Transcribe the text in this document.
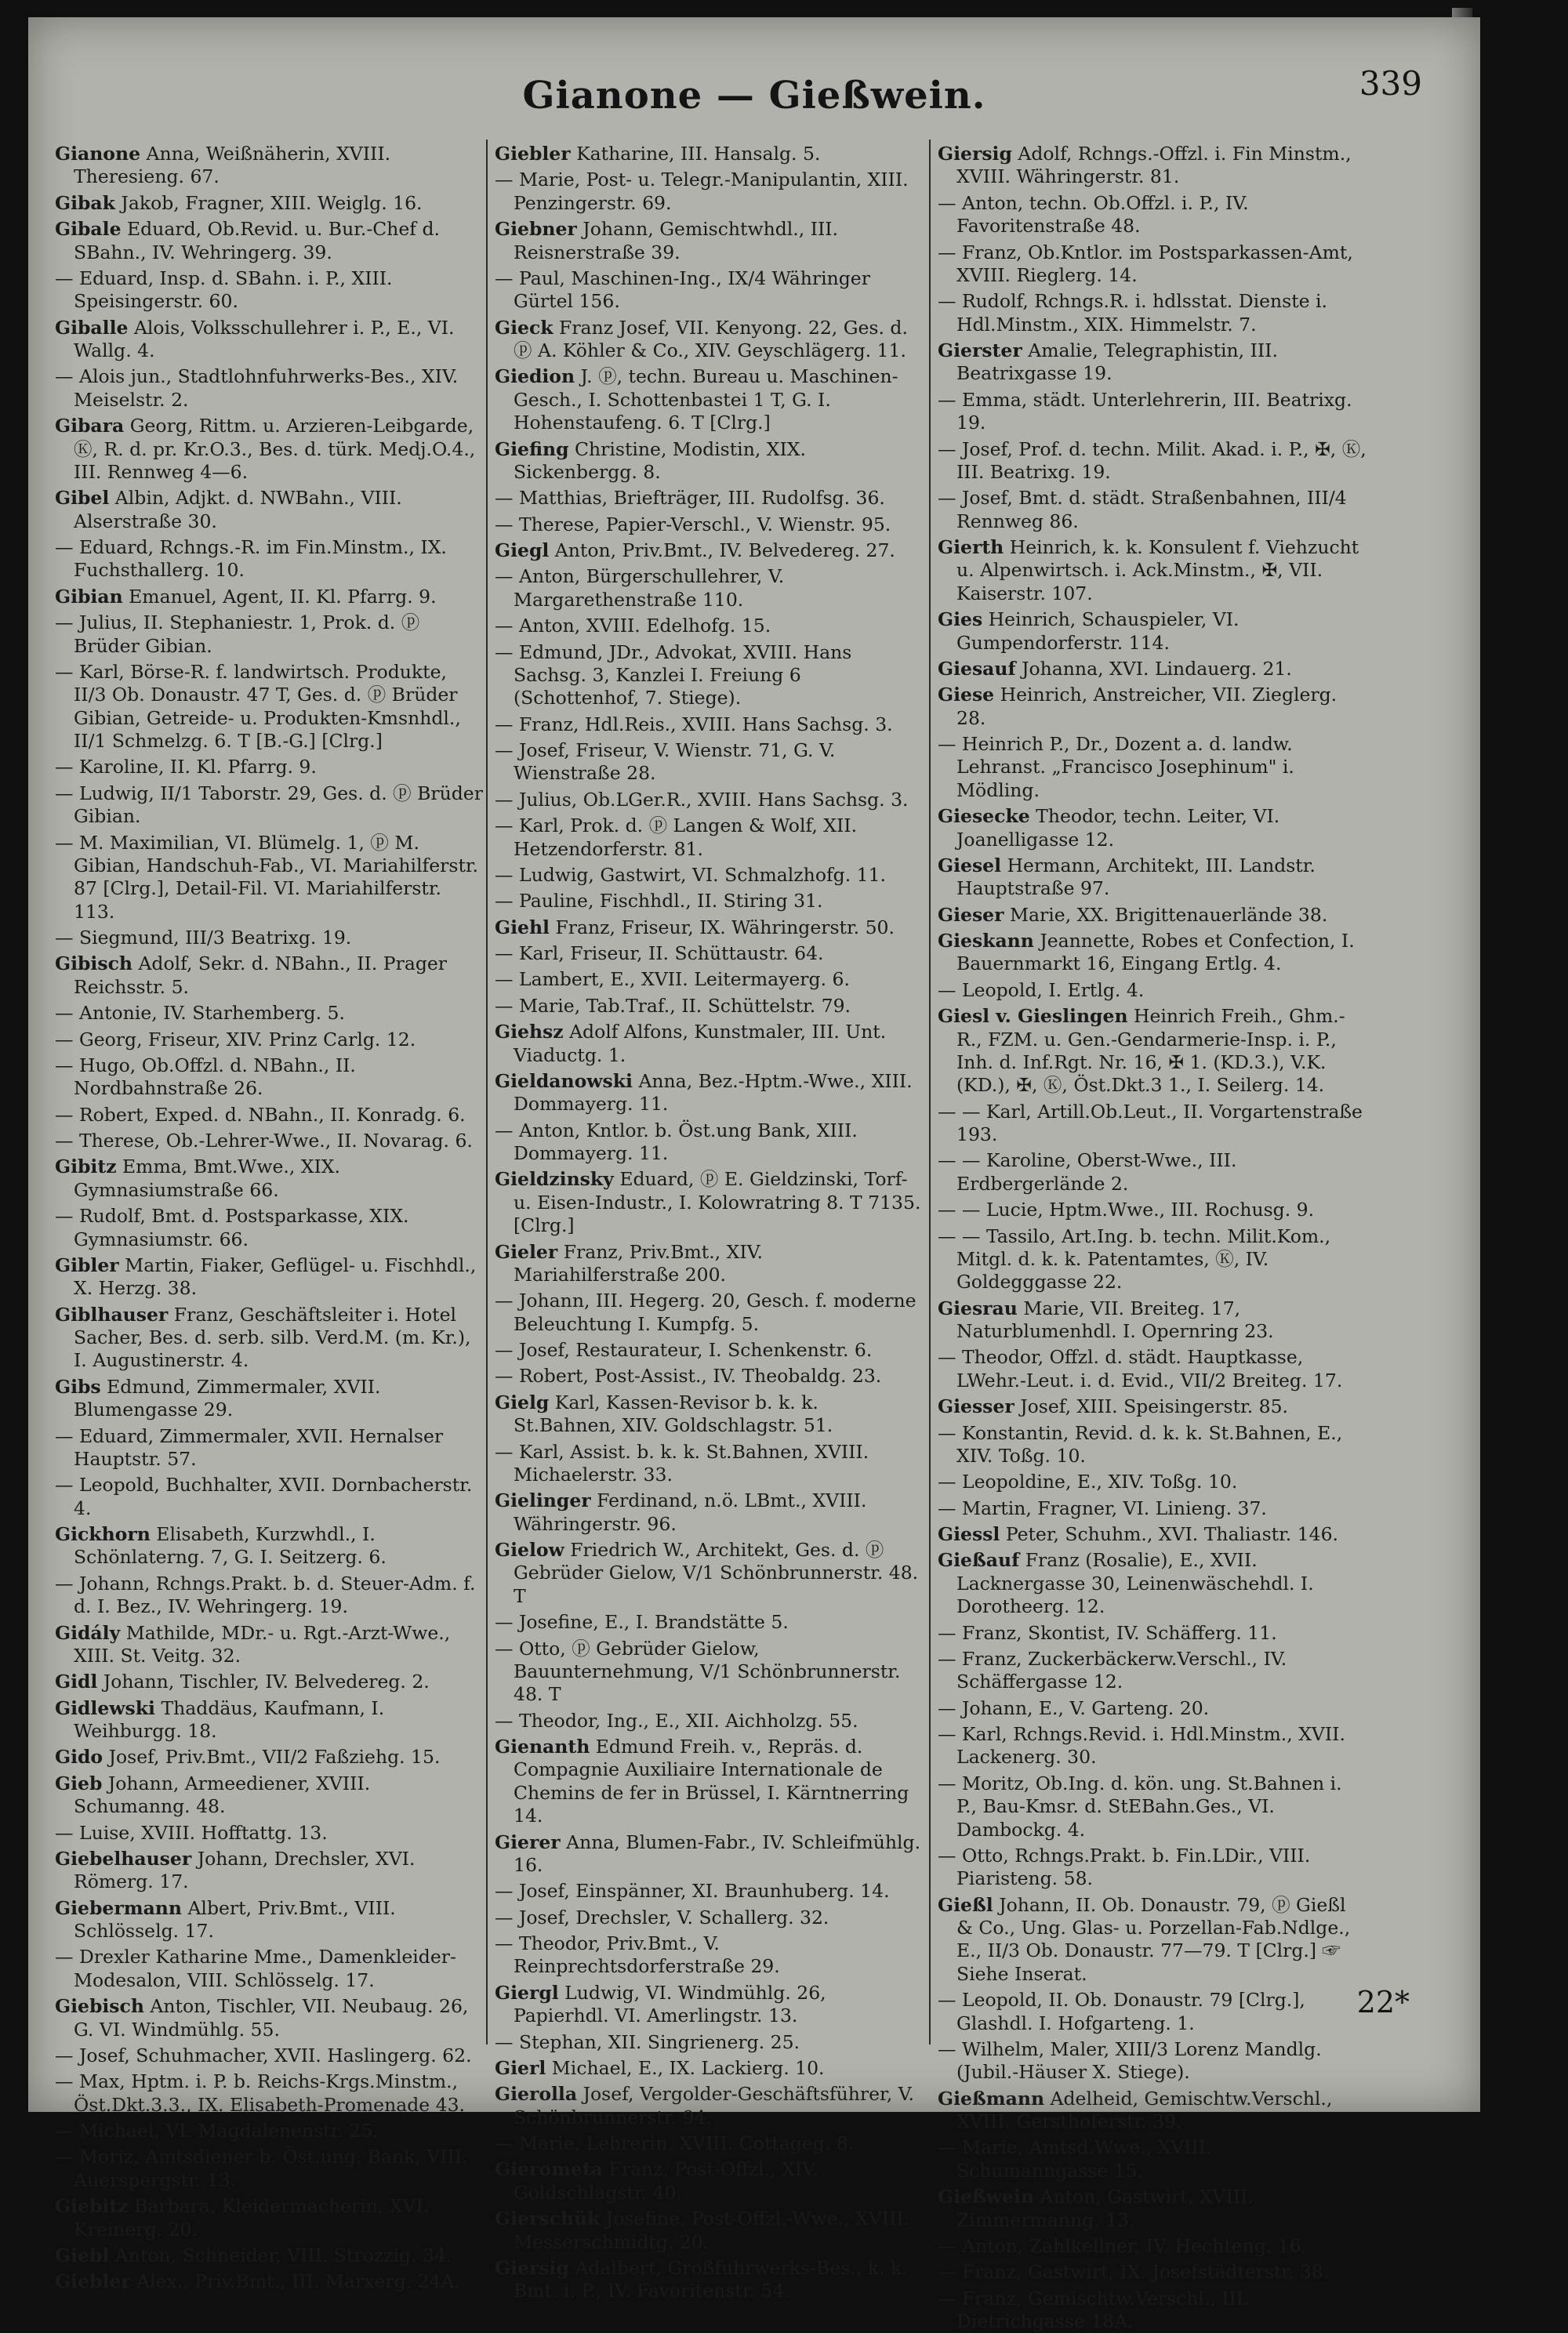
Gianone — Gießwein.	339

Gianone Anna, Weißnäherin, XVIII. Theresieng. 67.

Gibak Jakob, Fragner, XIII. Weiglg. 16.

Gibale Eduard, Ob.Revid. u. Bur.-Chef d. SBahn., IV. Wehringerg. 39.

— Eduard, Insp. d. SBahn. i. P., XIII. Speisingerstr. 60.

Giballe Alois, Volksschullehrer i. P., E., VI. Wallg. 4.

— Alois jun., Stadtlohnfuhrwerks-Bes., XIV. Meiselstr. 2.

Gibara Georg, Rittm. u. Arzieren-Leibgarde, Ⓚ, R. d. pr. Kr.O.3., Bes. d. türk. Medj.O.4., III. Rennweg 4—6.

Gibel Albin, Adjkt. d. NWBahn., VIII. Alserstraße 30.

— Eduard, Rchngs.-R. im Fin.Minstm., IX. Fuchsthallerg. 10.

Gibian Emanuel, Agent, II. Kl. Pfarrg. 9.

— Julius, II. Stephaniestr. 1, Prok. d. ⓟ Brüder Gibian.

— Karl, Börse-R. f. landwirtsch. Produkte, II/3 Ob. Donaustr. 47 T, Ges. d. ⓟ Brüder Gibian, Getreide- u. Produkten-Kmsnhdl., II/1 Schmelzg. 6. T [B.-G.] [Clrg.]

— Karoline, II. Kl. Pfarrg. 9.

— Ludwig, II/1 Taborstr. 29, Ges. d. ⓟ Brüder Gibian.

— M. Maximilian, VI. Blümelg. 1, ⓟ M. Gibian, Handschuh-Fab., VI. Mariahilferstr. 87 [Clrg.], Detail-Fil. VI. Mariahilferstr. 113.

— Siegmund, III/3 Beatrixg. 19.

Gibisch Adolf, Sekr. d. NBahn., II. Prager Reichsstr. 5.

— Antonie, IV. Starhemberg. 5.

— Georg, Friseur, XIV. Prinz Carlg. 12.

— Hugo, Ob.Offzl. d. NBahn., II. Nordbahnstraße 26.

— Robert, Exped. d. NBahn., II. Konradg. 6.

— Therese, Ob.-Lehrer-Wwe., II. Novarag. 6.

Gibitz Emma, Bmt.Wwe., XIX. Gymnasiumstraße 66.

— Rudolf, Bmt. d. Postsparkasse, XIX. Gymnasiumstr. 66.

Gibler Martin, Fiaker, Geflügel- u. Fischhdl., X. Herzg. 38.

Giblhauser Franz, Geschäftsleiter i. Hotel Sacher, Bes. d. serb. silb. Verd.M. (m. Kr.), I. Augustinerstr. 4.

Gibs Edmund, Zimmermaler, XVII. Blumengasse 29.

— Eduard, Zimmermaler, XVII. Hernalser Hauptstr. 57.

— Leopold, Buchhalter, XVII. Dornbacherstr. 4.

Gickhorn Elisabeth, Kurzwhdl., I. Schönlaterng. 7, G. I. Seitzerg. 6.

— Johann, Rchngs.Prakt. b. d. Steuer-Adm. f. d. I. Bez., IV. Wehringerg. 19.

Gidály Mathilde, MDr.- u. Rgt.-Arzt-Wwe., XIII. St. Veitg. 32.

Gidl Johann, Tischler, IV. Belvedereg. 2.

Gidlewski Thaddäus, Kaufmann, I. Weihburgg. 18.

Gido Josef, Priv.Bmt., VII/2 Faßziehg. 15.

Gieb Johann, Armeediener, XVIII. Schumanng. 48.

— Luise, XVIII. Hofftattg. 13.

Giebelhauser Johann, Drechsler, XVI. Römerg. 17.

Giebermann Albert, Priv.Bmt., VIII. Schlösselg. 17.

— Drexler Katharine Mme., Damenkleider-Modesalon, VIII. Schlösselg. 17.

Giebisch Anton, Tischler, VII. Neubaug. 26, G. VI. Windmühlg. 55.

— Josef, Schuhmacher, XVII. Haslingerg. 62.

— Max, Hptm. i. P. b. Reichs-Krgs.Minstm., Öst.Dkt.3.3., IX. Elisabeth-Promenade 43.

— Michael, VI. Magdalenenstr. 25.

— Moriz, Amtsdiener b. Öst.ung. Bank, VIII. Auerspergstr. 13.

Giebitz Barbara, Kleidermacherin, XVI. Kreinerg. 20.

Giebl Anton, Schneider, VIII. Strozzig. 34.

Giebler Alex., Priv.Bmt., III. Marxerg. 24A.

Giebler Katharine, III. Hansalg. 5.

— Marie, Post- u. Telegr.-Manipulantin, XIII. Penzingerstr. 69.

Giebner Johann, Gemischtwhdl., III. Reisnerstraße 39.

— Paul, Maschinen-Ing., IX/4 Währinger Gürtel 156.

Gieck Franz Josef, VII. Kenyong. 22, Ges. d. ⓟ A. Köhler & Co., XIV. Geyschlägerg. 11.

Giedion J. ⓟ, techn. Bureau u. Maschinen-Gesch., I. Schottenbastei 1 T, G. I. Hohenstaufeng. 6. T [Clrg.]

Giefing Christine, Modistin, XIX. Sickenbergg. 8.

— Matthias, Briefträger, III. Rudolfsg. 36.

— Therese, Papier-Verschl., V. Wienstr. 95.

Giegl Anton, Priv.Bmt., IV. Belvedereg. 27.

— Anton, Bürgerschullehrer, V. Margarethenstraße 110.

— Anton, XVIII. Edelhofg. 15.

— Edmund, JDr., Advokat, XVIII. Hans Sachsg. 3, Kanzlei I. Freiung 6 (Schottenhof, 7. Stiege).

— Franz, Hdl.Reis., XVIII. Hans Sachsg. 3.

— Josef, Friseur, V. Wienstr. 71, G. V. Wienstraße 28.

— Julius, Ob.LGer.R., XVIII. Hans Sachsg. 3.

— Karl, Prok. d. ⓟ Langen & Wolf, XII. Hetzendorferstr. 81.

— Ludwig, Gastwirt, VI. Schmalzhofg. 11.

— Pauline, Fischhdl., II. Stiring 31.

Giehl Franz, Friseur, IX. Währingerstr. 50.

— Karl, Friseur, II. Schüttaustr. 64.

— Lambert, E., XVII. Leitermayerg. 6.

— Marie, Tab.Traf., II. Schüttelstr. 79.

Giehsz Adolf Alfons, Kunstmaler, III. Unt. Viaductg. 1.

Gieldanowski Anna, Bez.-Hptm.-Wwe., XIII. Dommayerg. 11.

— Anton, Kntlor. b. Öst.ung Bank, XIII. Dommayerg. 11.

Gieldzinsky Eduard, ⓟ E. Gieldzinski, Torf- u. Eisen-Industr., I. Kolowratring 8. T 7135. [Clrg.]

Gieler Franz, Priv.Bmt., XIV. Mariahilferstraße 200.

— Johann, III. Hegerg. 20, Gesch. f. moderne Beleuchtung I. Kumpfg. 5.

— Josef, Restaurateur, I. Schenkenstr. 6.

— Robert, Post-Assist., IV. Theobaldg. 23.

Gielg Karl, Kassen-Revisor b. k. k. St.Bahnen, XIV. Goldschlagstr. 51.

— Karl, Assist. b. k. k. St.Bahnen, XVIII. Michaelerstr. 33.

Gielinger Ferdinand, n.ö. LBmt., XVIII. Währingerstr. 96.

Gielow Friedrich W., Architekt, Ges. d. ⓟ Gebrüder Gielow, V/1 Schönbrunnerstr. 48. T

— Josefine, E., I. Brandstätte 5.

— Otto, ⓟ Gebrüder Gielow, Bauunternehmung, V/1 Schönbrunnerstr. 48. T

— Theodor, Ing., E., XII. Aichholzg. 55.

Gienanth Edmund Freih. v., Repräs. d. Compagnie Auxiliaire Internationale de Chemins de fer in Brüssel, I. Kärntnerring 14.

Gierer Anna, Blumen-Fabr., IV. Schleifmühlg. 16.

— Josef, Einspänner, XI. Braunhuberg. 14.

— Josef, Drechsler, V. Schallerg. 32.

— Theodor, Priv.Bmt., V. Reinprechtsdorferstraße 29.

Giergl Ludwig, VI. Windmühlg. 26, Papierhdl. VI. Amerlingstr. 13.

— Stephan, XII. Singrienerg. 25.

Gierl Michael, E., IX. Lackierg. 10.

Gierolla Josef, Vergolder-Geschäftsführer, V. Schönbrunnerstr. 94.

— Marie, Lehrerin, XVIII. Cottageg. 8.

Gierometa Franz, Post-Offzl., XIV. Goldschlagstr. 40.

Gierschük Josefine, Post-Offzl.-Wwe., XVIII. Messerschmidtg. 20.

Giersig Adalbert, Großfuhrwerks-Bes., k. k. Bmt. i. P., IV. Favoritenstr. 54.

Giersig Adolf, Rchngs.-Offzl. i. Fin Minstm., XVIII. Währingerstr. 81.

— Anton, techn. Ob.Offzl. i. P., IV. Favoritenstraße 48.

— Franz, Ob.Kntlor. im Postsparkassen-Amt, XVIII. Rieglerg. 14.

— Rudolf, Rchngs.R. i. hdlsstat. Dienste i. Hdl.Minstm., XIX. Himmelstr. 7.

Gierster Amalie, Telegraphistin, III. Beatrixgasse 19.

— Emma, städt. Unterlehrerin, III. Beatrixg. 19.

— Josef, Prof. d. techn. Milit. Akad. i. P., ✠, Ⓚ, III. Beatrixg. 19.

— Josef, Bmt. d. städt. Straßenbahnen, III/4 Rennweg 86.

Gierth Heinrich, k. k. Konsulent f. Viehzucht u. Alpenwirtsch. i. Ack.Minstm., ✠, VII. Kaiserstr. 107.

Gies Heinrich, Schauspieler, VI. Gumpendorferstr. 114.

Giesauf Johanna, XVI. Lindauerg. 21.

Giese Heinrich, Anstreicher, VII. Zieglerg. 28.

— Heinrich P., Dr., Dozent a. d. landw. Lehranst. „Francisco Josephinum" i. Mödling.

Giesecke Theodor, techn. Leiter, VI. Joanelligasse 12.

Giesel Hermann, Architekt, III. Landstr. Hauptstraße 97.

Gieser Marie, XX. Brigittenauerlände 38.

Gieskann Jeannette, Robes et Confection, I. Bauernmarkt 16, Eingang Ertlg. 4.

— Leopold, I. Ertlg. 4.

Giesl v. Gieslingen Heinrich Freih., Ghm.-R., FZM. u. Gen.-Gendarmerie-Insp. i. P., Inh. d. Inf.Rgt. Nr. 16, ✠ 1. (KD.3.), V.K. (KD.), ✠, Ⓚ, Öst.Dkt.3 1., I. Seilerg. 14.

— — Karl, Artill.Ob.Leut., II. Vorgartenstraße 193.

— — Karoline, Oberst-Wwe., III. Erdbergerlände 2.

— — Lucie, Hptm.Wwe., III. Rochusg. 9.

— — Tassilo, Art.Ing. b. techn. Milit.Kom., Mitgl. d. k. k. Patentamtes, Ⓚ, IV. Goldegggasse 22.

Giesrau Marie, VII. Breiteg. 17, Naturblumenhdl. I. Opernring 23.

— Theodor, Offzl. d. städt. Hauptkasse, LWehr.-Leut. i. d. Evid., VII/2 Breiteg. 17.

Giesser Josef, XIII. Speisingerstr. 85.

— Konstantin, Revid. d. k. k. St.Bahnen, E., XIV. Toßg. 10.

— Leopoldine, E., XIV. Toßg. 10.

— Martin, Fragner, VI. Linieng. 37.

Giessl Peter, Schuhm., XVI. Thaliastr. 146.

Gießauf Franz (Rosalie), E., XVII. Lacknergasse 30, Leinenwäschehdl. I. Dorotheerg. 12.

— Franz, Skontist, IV. Schäfferg. 11.

— Franz, Zuckerbäckerw.Verschl., IV. Schäffergasse 12.

— Johann, E., V. Garteng. 20.

— Karl, Rchngs.Revid. i. Hdl.Minstm., XVII. Lackenerg. 30.

— Moritz, Ob.Ing. d. kön. ung. St.Bahnen i. P., Bau-Kmsr. d. StEBahn.Ges., VI. Dambockg. 4.

— Otto, Rchngs.Prakt. b. Fin.LDir., VIII. Piaristeng. 58.

Gießl Johann, II. Ob. Donaustr. 79, ⓟ Gießl & Co., Ung. Glas- u. Porzellan-Fab.Ndlge., E., II/3 Ob. Donaustr. 77—79. T [Clrg.] ☞ Siehe Inserat.

— Leopold, II. Ob. Donaustr. 79 [Clrg.], Glashdl. I. Hofgarteng. 1.

— Wilhelm, Maler, XIII/3 Lorenz Mandlg. (Jubil.-Häuser X. Stiege).

Gießmann Adelheid, Gemischtw.Verschl., XVIII. Gersthoferstr. 39.

— Marie, Amtsd.Wwe., XVIII. Schumanngasse 15.

Gießwein Anton, Gastwirt, XVIII. Zimmermanng. 13.

— Anton, Zahlkellner, IV. Hechteng. 16.

— Franz, Gastwirt, IX. Josefstädterstr. 38.

— Franz, Gemischtw.Verschl., III. Dietrichgasse 18A.

22*
